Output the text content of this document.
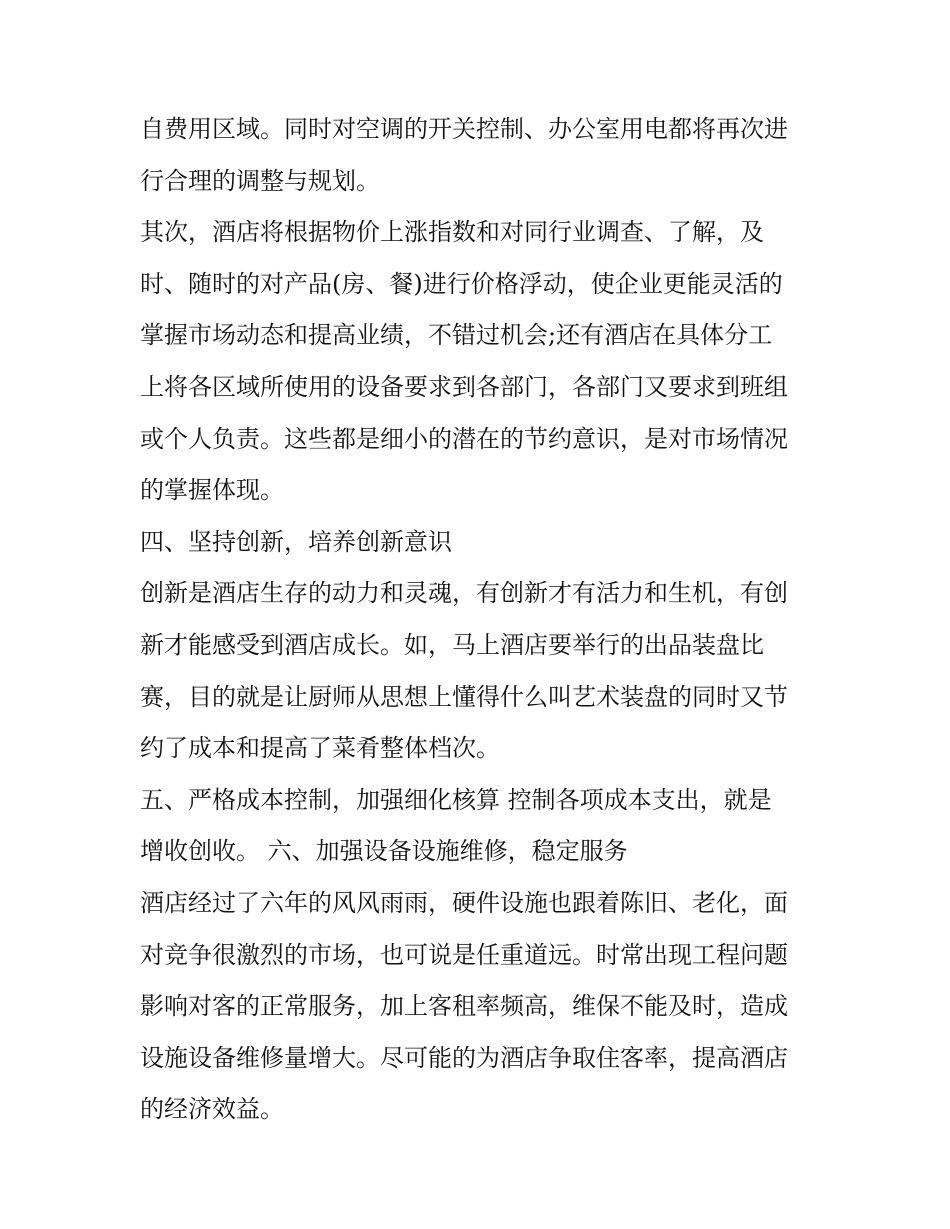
自费用区域。同时对空调的开关控制、办公室用电都将再次进
行合理的调整与规划。
其次，酒店将根据物价上涨指数和对同行业调查、了解，及
时、随时的对产品(房、餐)进行价格浮动，使企业更能灵活的
掌握市场动态和提高业绩，不错过机会;还有酒店在具体分工
上将各区域所使用的设备要求到各部门，各部门又要求到班组
或个人负责。这些都是细小的潜在的节约意识，是对市场情况
的掌握体现。
四、坚持创新，培养创新意识
创新是酒店生存的动力和灵魂，有创新才有活力和生机，有创
新才能感受到酒店成长。如，马上酒店要举行的出品装盘比
赛，目的就是让厨师从思想上懂得什么叫艺术装盘的同时又节
约了成本和提高了菜肴整体档次。
五、严格成本控制，加强细化核算 控制各项成本支出，就是
增收创收。 六、加强设备设施维修，稳定服务
酒店经过了六年的风风雨雨，硬件设施也跟着陈旧、老化，面
对竞争很激烈的市场，也可说是任重道远。时常出现工程问题
影响对客的正常服务，加上客租率频高，维保不能及时，造成
设施设备维修量增大。尽可能的为酒店争取住客率，提高酒店
的经济效益。
